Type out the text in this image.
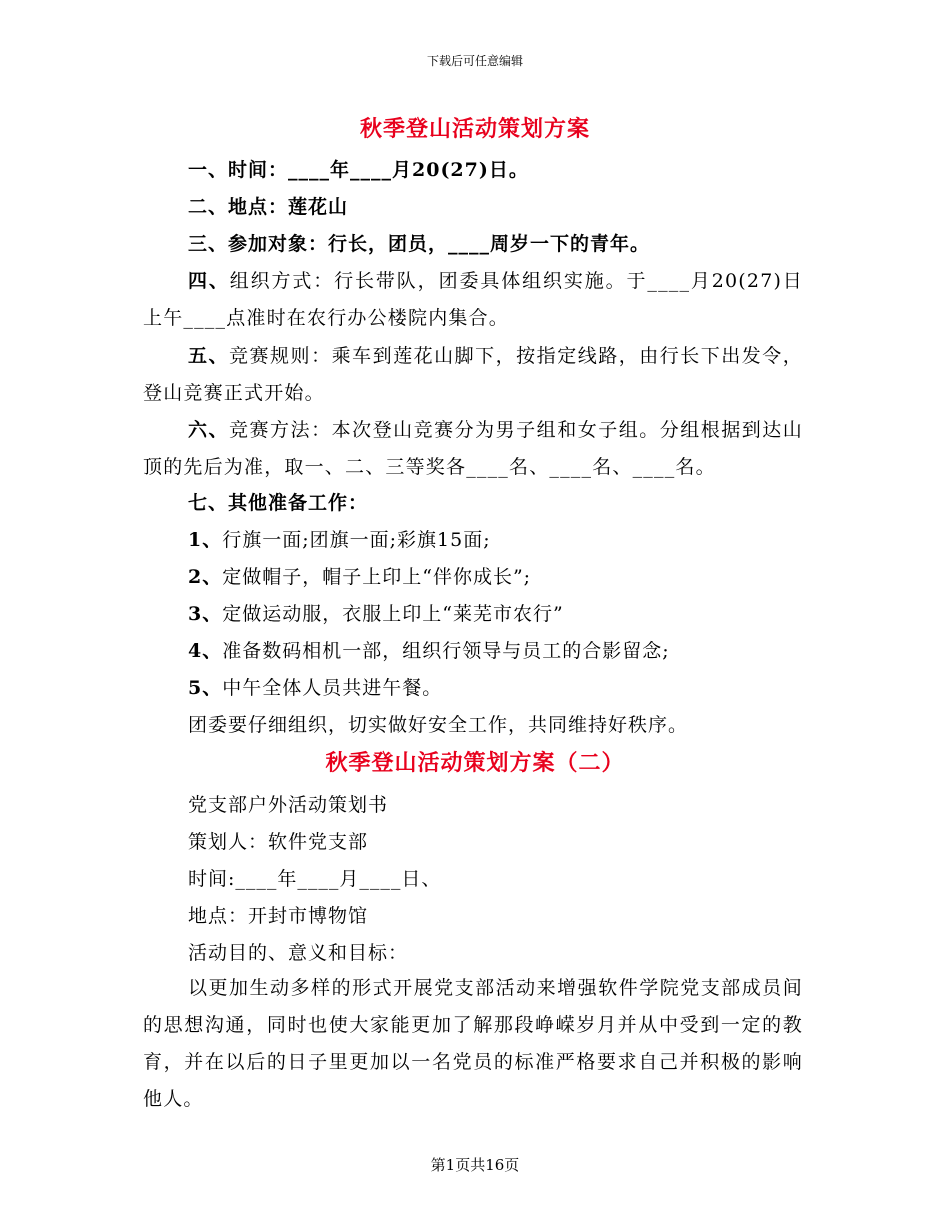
下载后可任意编辑
秋季登山活动策划方案
一、时间：____年____月20(27)日。
二、地点：莲花山
三、参加对象：行长，团员，____周岁一下的青年。

四、组织方式：行长带队，团委具体组织实施。于____月20(27)日上午____点准时在农行办公楼院内集合。

五、竞赛规则：乘车到莲花山脚下，按指定线路，由行长下出发令，登山竞赛正式开始。

六、竞赛方法：本次登山竞赛分为男子组和女子组。分组根据到达山顶的先后为准，取一、二、三等奖各____名、____名、____名。

七、其他准备工作：
1、行旗一面;团旗一面;彩旗15面;
2、定做帽子，帽子上印上“伴你成长”;
3、定做运动服，衣服上印上“莱芜市农行”
4、准备数码相机一部，组织行领导与员工的合影留念;
5、中午全体人员共进午餐。
团委要仔细组织，切实做好安全工作，共同维持好秩序。
秋季登山活动策划方案（二）
党支部户外活动策划书
策划人：软件党支部
时间:____年____月____日、
地点：开封市博物馆
活动目的、意义和目标：

以更加生动多样的形式开展党支部活动来增强软件学院党支部成员间的思想沟通，同时也使大家能更加了解那段峥嵘岁月并从中受到一定的教育，并在以后的日子里更加以一名党员的标准严格要求自己并积极的影响他人。

第1页共16页
